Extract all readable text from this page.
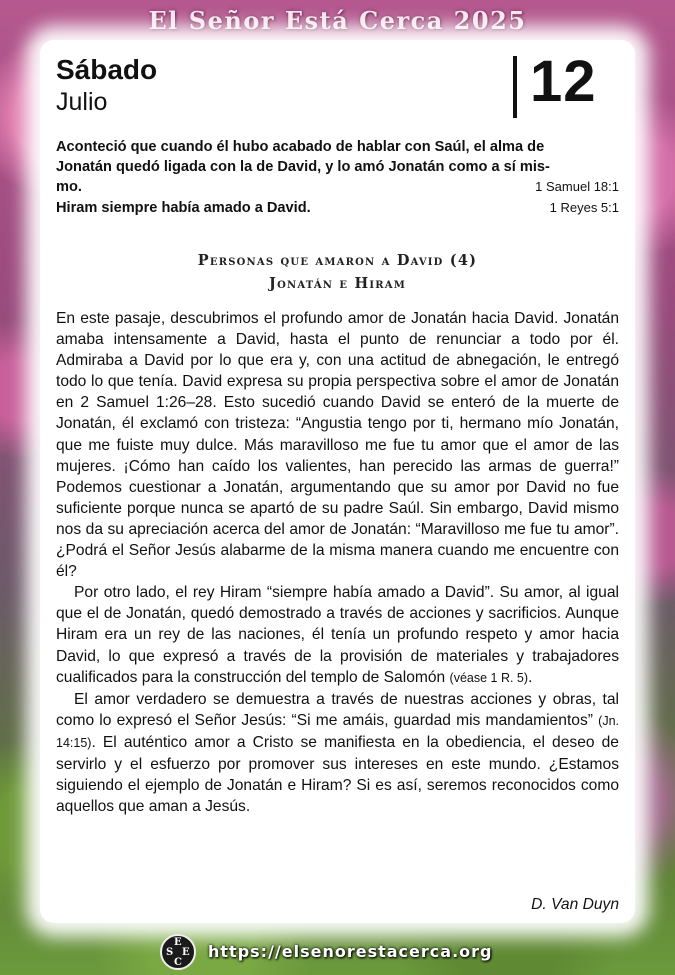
El Señor Está Cerca 2025
Sábado
Julio	12
Aconteció que cuando él hubo acabado de hablar con Saúl, el alma de
Jonatán quedó ligada con la de David, y lo amó Jonatán como a sí mis-
mo.	1 Samuel 18:1
Hiram siempre había amado a David.	1 Reyes 5:1
Personas que amaron a David (4)
Jonatán e Hiram

En este pasaje, descubrimos el profundo amor de Jonatán hacia David. Jonatán amaba intensamente a David, hasta el punto de renunciar a todo por él. Admiraba a David por lo que era y, con una actitud de abnegación, le entregó todo lo que tenía. David expresa su propia perspectiva sobre el amor de Jonatán en 2 Samuel 1:26–28. Esto sucedió cuando David se enteró de la muerte de Jonatán, él exclamó con tristeza: “Angustia tengo por ti, hermano mío Jonatán, que me fuiste muy dulce. Más maravilloso me fue tu amor que el amor de las mujeres. ¡Cómo han caído los valientes, han perecido las armas de guerra!” Podemos cuestionar a Jonatán, argumentando que su amor por David no fue suficiente porque nunca se apartó de su padre Saúl. Sin embargo, David mismo nos da su apreciación acerca del amor de Jonatán: “Maravilloso me fue tu amor”. ¿Podrá el Señor Jesús alabarme de la misma manera cuando me encuentre con él?

Por otro lado, el rey Hiram “siempre había amado a David”. Su amor, al igual que el de Jonatán, quedó demostrado a través de acciones y sacrificios. Aunque Hiram era un rey de las naciones, él tenía un profundo respeto y amor hacia David, lo que expresó a través de la provisión de materiales y trabajadores cualificados para la construcción del templo de Salomón (véase 1 R. 5).

El amor verdadero se demuestra a través de nuestras acciones y obras, tal como lo expresó el Señor Jesús: “Si me amáis, guardad mis mandamientos” (Jn. 14:15). El auténtico amor a Cristo se manifiesta en la obediencia, el deseo de servirlo y el esfuerzo por promover sus intereses en este mundo. ¿Estamos siguiendo el ejemplo de Jonatán e Hiram? Si es así, seremos reconocidos como aquellos que aman a Jesús.

D. Van Duyn
E
S E
C
https://elsenorestacerca.org
